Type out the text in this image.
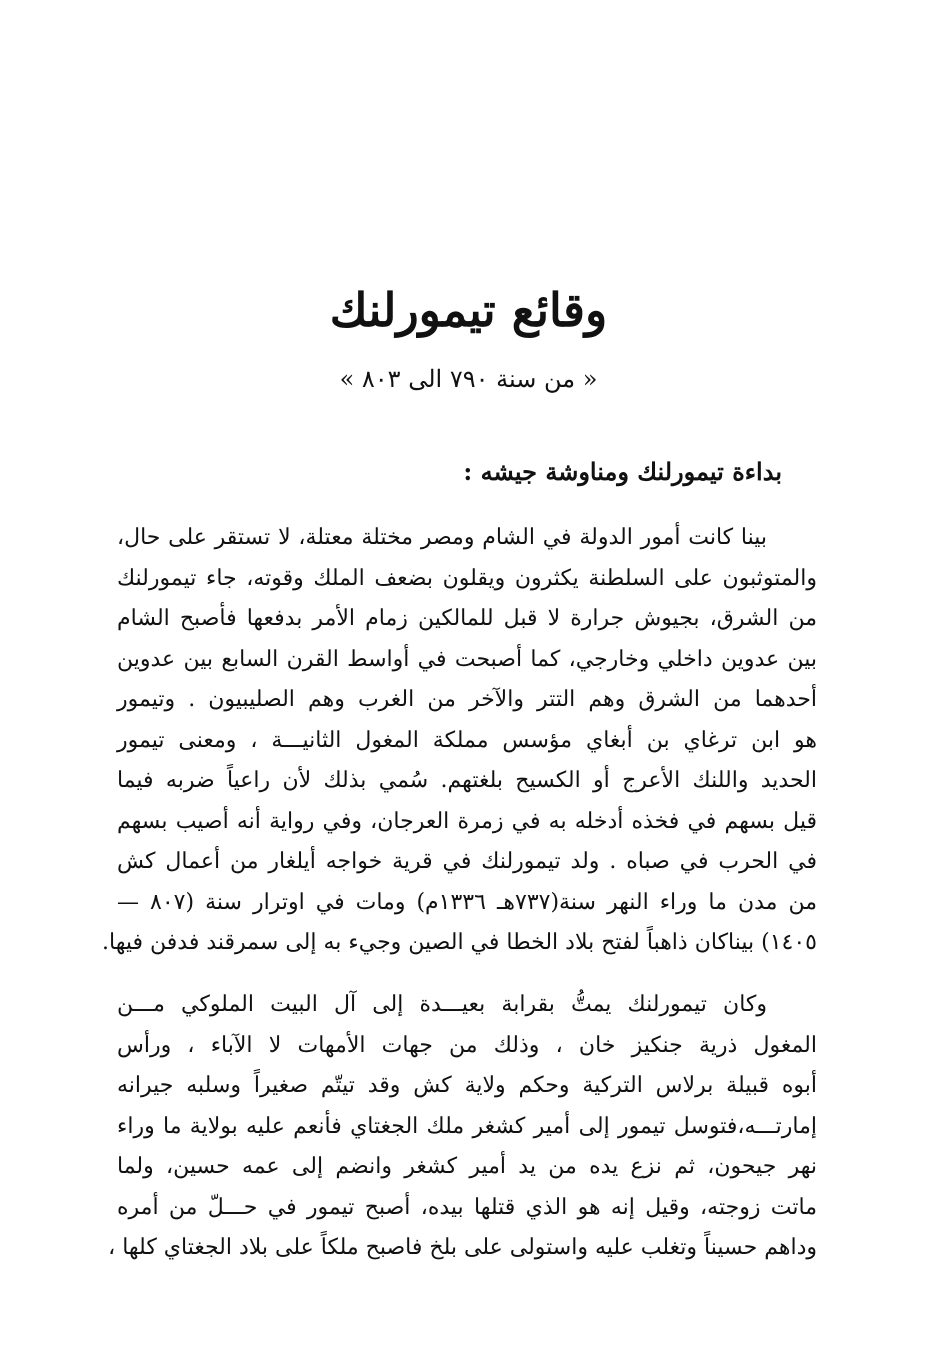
وقائع تيمورلنك
« من سنة ٧٩٠ الى ٨٠٣ »
بداءة تيمورلنك ومناوشة جيشه :

بينا كانت أمور الدولة في الشام ومصر مختلة معتلة، لا تستقر على حال،

والمتوثبون على السلطنة يكثرون ويقلون بضعف الملك وقوته، جاء تيمورلنك

من الشرق، بجيوش جرارة لا قبل للمالكين زمام الأمر بدفعها فأصبح الشام

بين عدوين داخلي وخارجي، كما أصبحت في أواسط القرن السابع بين عدوين

أحدهما من الشرق وهم التتر والآخر من الغرب وهم الصليبيون . وتيمور

هو ابن ترغاي بن أبغاي مؤسس مملكة المغول الثانيـــة ، ومعنى تيمور

الحديد واللنك الأعرج أو الكسيح بلغتهم. سُمي بذلك لأن راعياً ضربه فيما

قيل بسهم في فخذه أدخله به في زمرة العرجان، وفي رواية أنه أصيب بسهم

في الحرب في صباه . ولد تيمورلنك في قرية خواجه أيلغار من أعمال كش

من مدن ما وراء النهر سنة(٧٣٧هـ ١٣٣٦م) ومات في اوترار سنة (٨٠٧ —

١٤٠٥) بيناكان ذاهباً لفتح بلاد الخطا في الصين وجيء به إلى سمرقند فدفن فيها.

وكان تيمورلنك يمتُّ بقرابة بعيـــدة إلى آل البيت الملوكي مـــن

المغول ذرية جنكيز خان ، وذلك من جهات الأمهات لا الآباء ، ورأس

أبوه قبيلة برلاس التركية وحكم ولاية كش وقد تيتّم صغيراً وسلبه جيرانه

إمارتـــه،فتوسل تيمور إلى أمير كشغر ملك الجغتاي فأنعم عليه بولاية ما وراء

نهر جيحون، ثم نزع يده من يد أمير كشغر وانضم إلى عمه حسين، ولما

ماتت زوجته، وقيل إنه هو الذي قتلها بيده، أصبح تيمور في حـــلّ من أمره

وداهم حسيناً وتغلب عليه واستولى على بلخ فاصبح ملكاً على بلاد الجغتاي كلها ،
